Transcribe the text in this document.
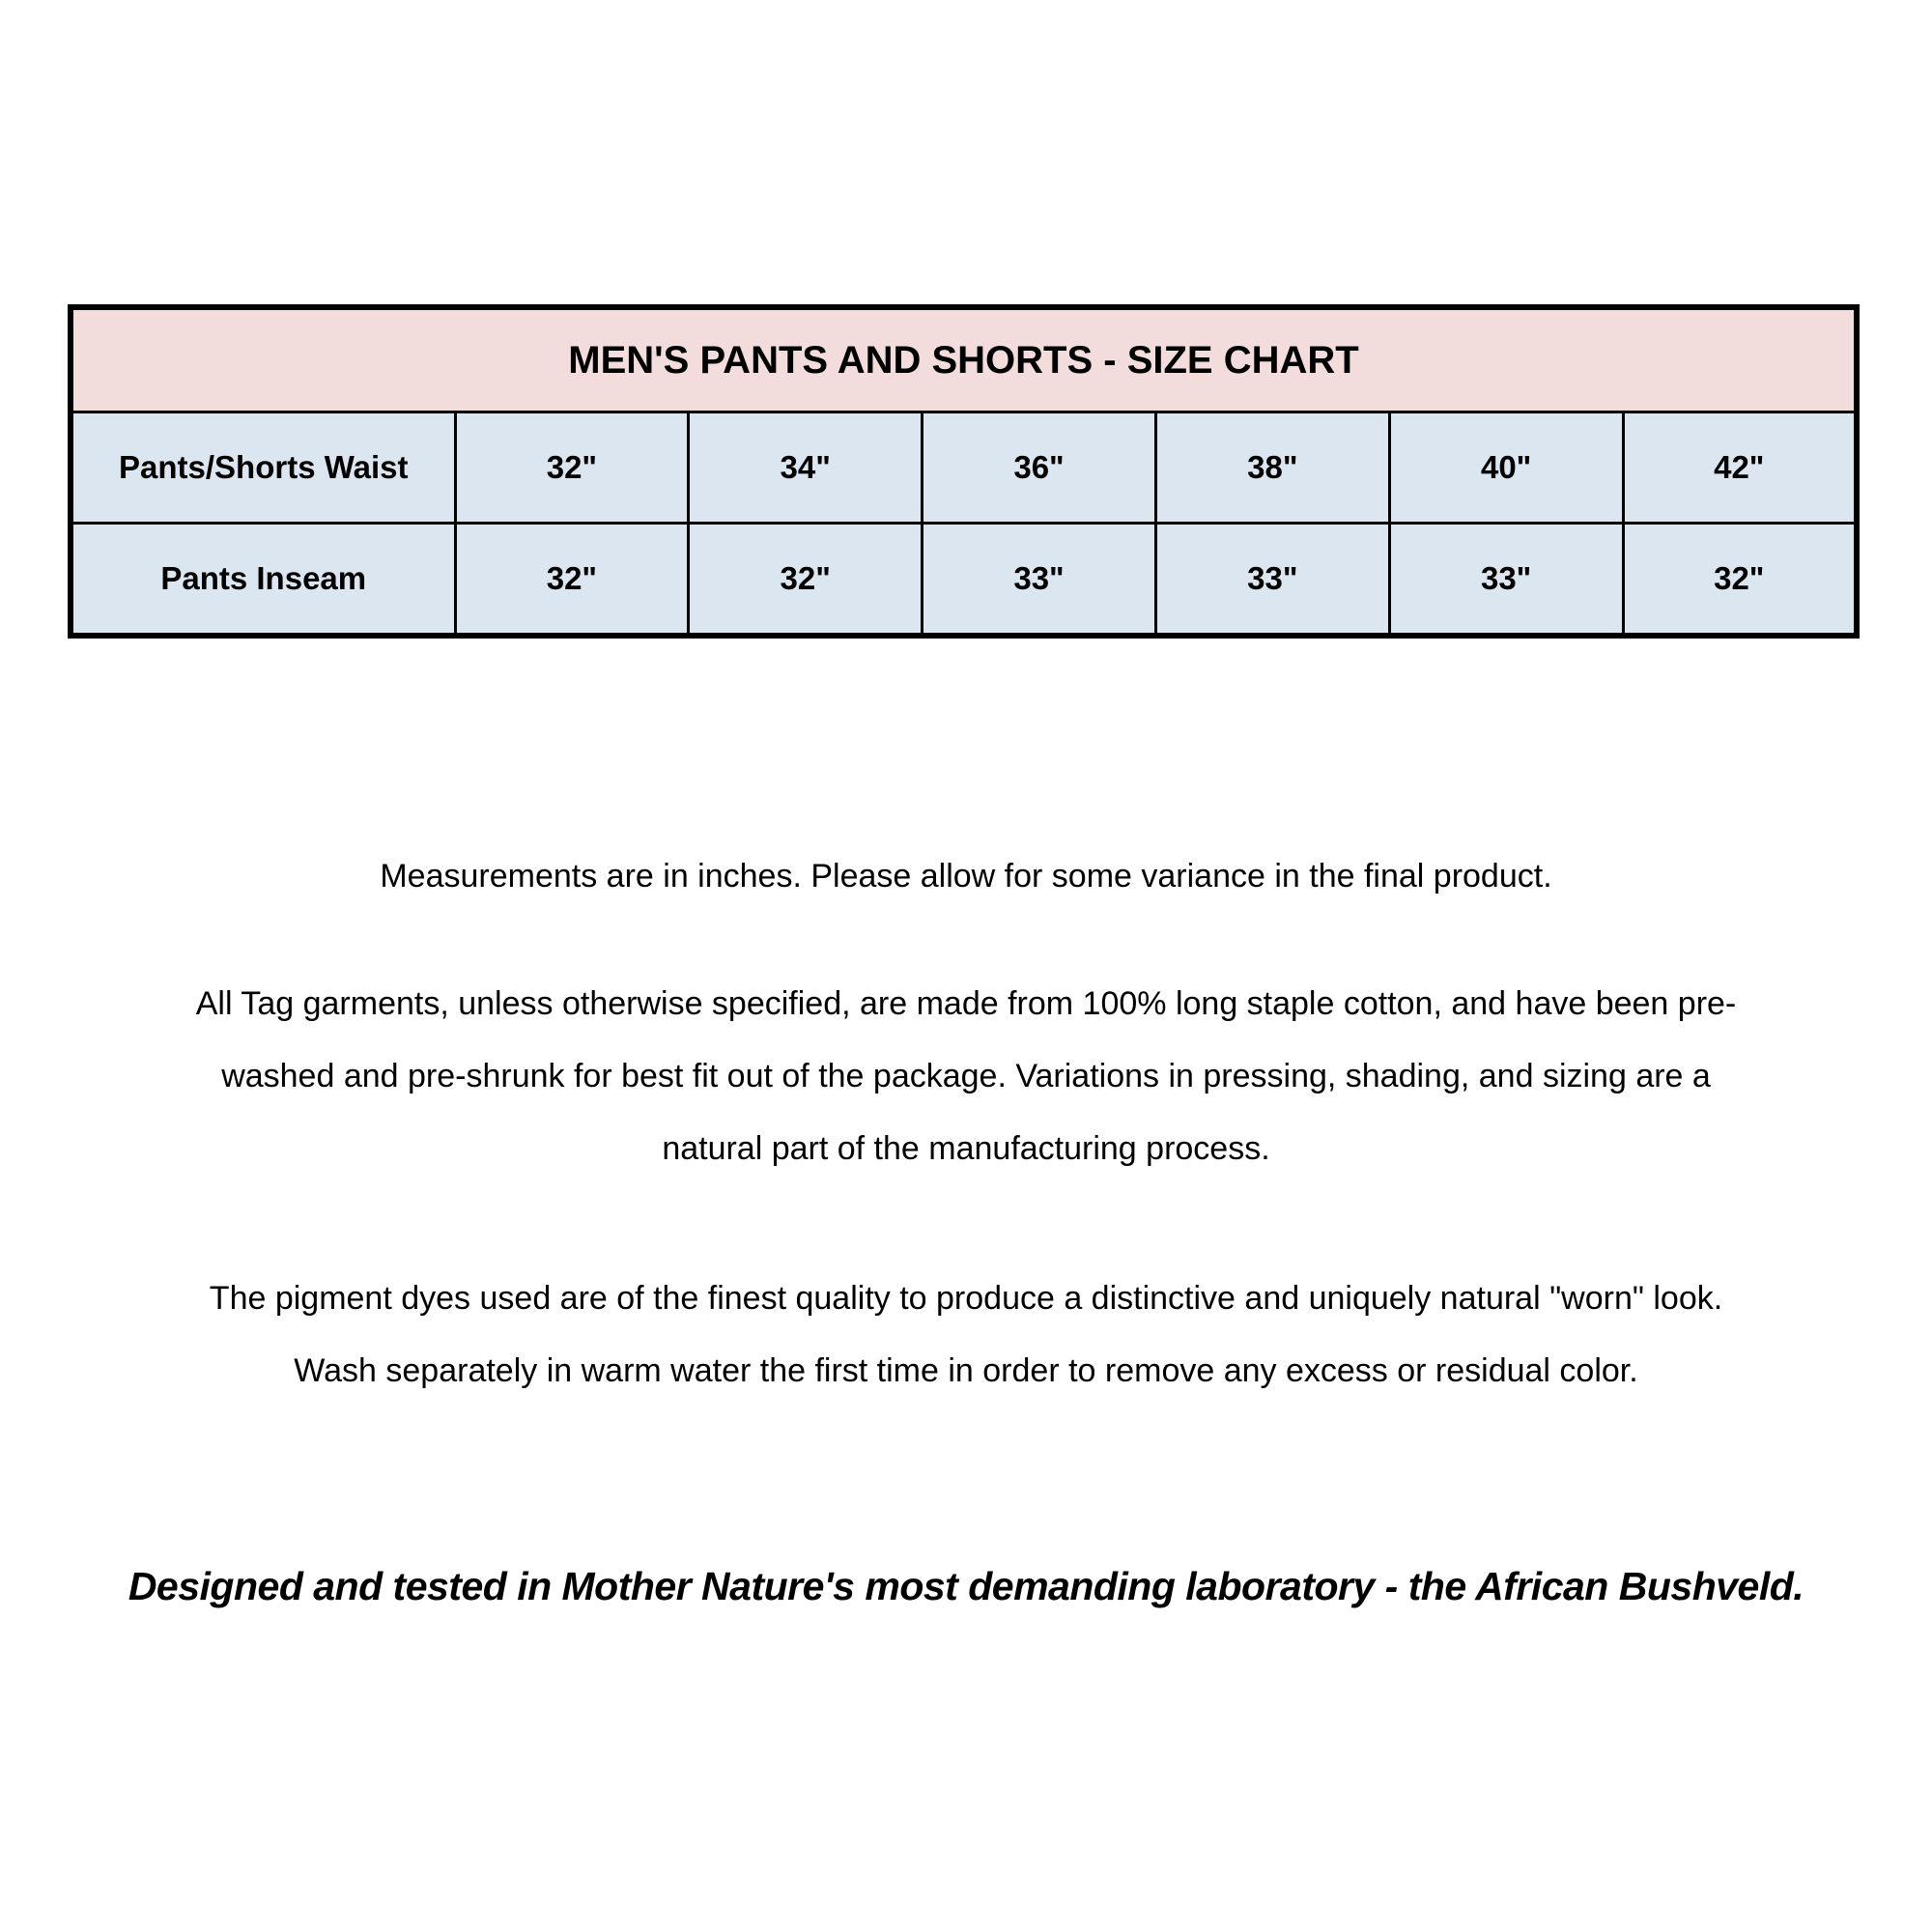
MEN'S PANTS AND SHORTS - SIZE CHART						
Pants/Shorts Waist	32"	34"	36"	38"	40"	42"
Pants Inseam	32"	32"	33"	33"	33"	32"
Measurements are in inches. Please allow for some variance in the final product.
All Tag garments, unless otherwise specified, are made from 100% long staple cotton, and have been pre-
washed and pre-shrunk for best fit out of the package. Variations in pressing, shading, and sizing are a
natural part of the manufacturing process.
The pigment dyes used are of the finest quality to produce a distinctive and uniquely natural "worn" look.
Wash separately in warm water the first time in order to remove any excess or residual color.
Designed and tested in Mother Nature's most demanding laboratory - the African Bushveld.
